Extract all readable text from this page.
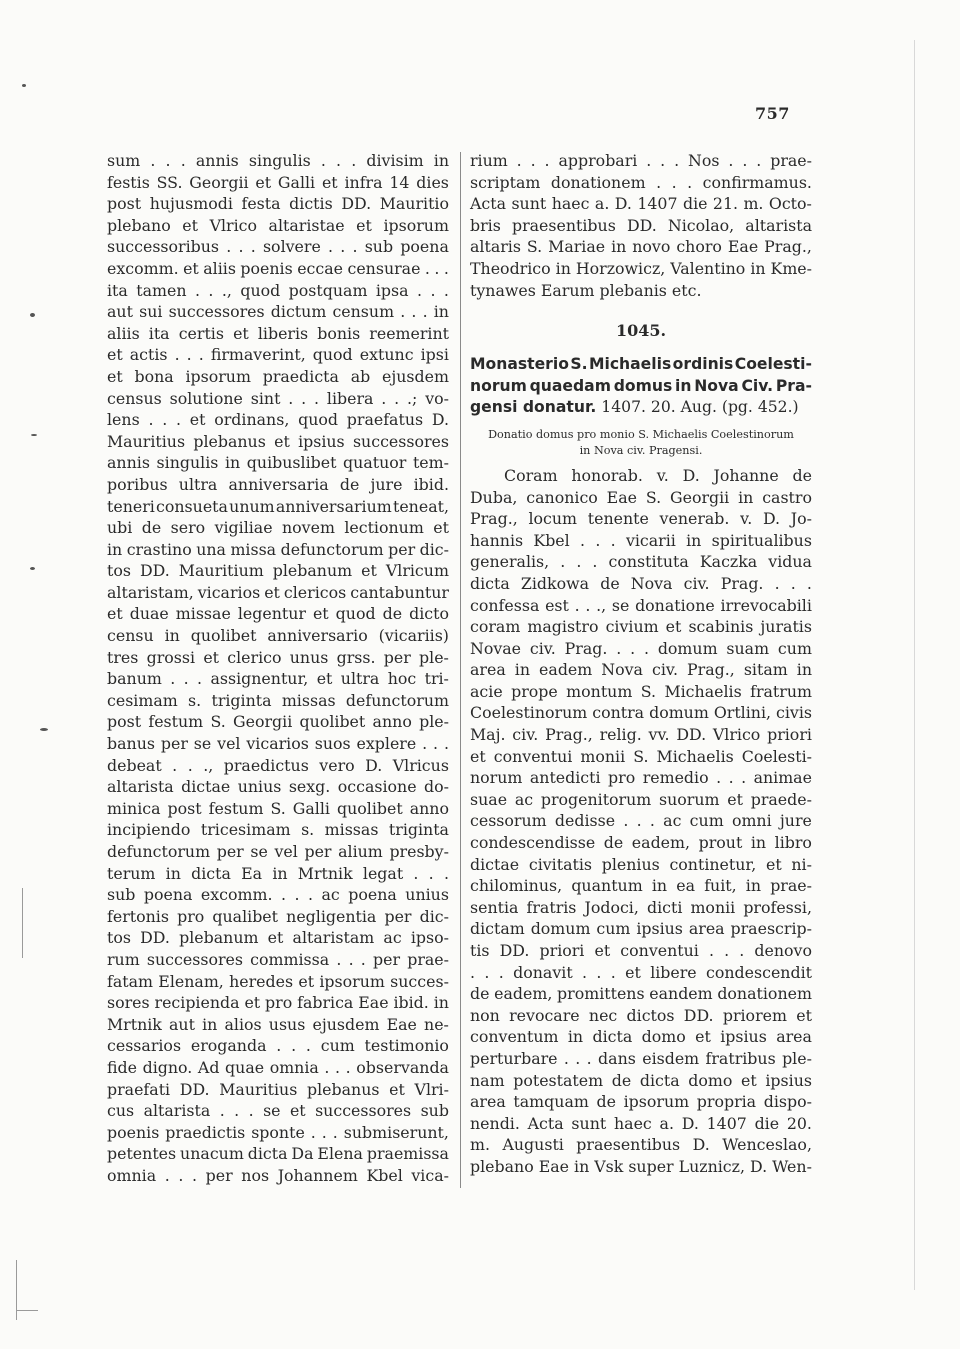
757
sum . . . annis singulis . . . divisim in
festis SS. Georgii et Galli et infra 14 dies
post hujusmodi festa dictis DD. Mauritio
plebano et Vlrico altaristae et ipsorum
successoribus . . . solvere . . . sub poena
excomm. et aliis poenis eccae censurae . . .
ita tamen . . ., quod postquam ipsa . . .
aut sui successores dictum censum . . . in
aliis ita certis et liberis bonis reemerint
et actis . . . firmaverint, quod extunc ipsi
et bona ipsorum praedicta ab ejusdem
census solutione sint . . . libera . . .; vo-
lens . . . et ordinans, quod praefatus D.
Mauritius plebanus et ipsius successores
annis singulis in quibuslibet quatuor tem-
poribus ultra anniversaria de jure ibid.
teneri consueta unum anniversarium teneat,
ubi de sero vigiliae novem lectionum et
in crastino una missa defunctorum per dic-
tos DD. Mauritium plebanum et Vlricum
altaristam, vicarios et clericos cantabuntur
et duae missae legentur et quod de dicto
censu in quolibet anniversario (vicariis)
tres grossi et clerico unus grss. per ple-
banum . . . assignentur, et ultra hoc tri-
cesimam s. triginta missas defunctorum
post festum S. Georgii quolibet anno ple-
banus per se vel vicarios suos explere . . .
debeat . . ., praedictus vero D. Vlricus
altarista dictae unius sexg. occasione do-
minica post festum S. Galli quolibet anno
incipiendo tricesimam s. missas triginta
defunctorum per se vel per alium presby-
terum in dicta Ea in Mrtnik legat . . .
sub poena excomm. . . . ac poena unius
fertonis pro qualibet negligentia per dic-
tos DD. plebanum et altaristam ac ipso-
rum successores commissa . . . per prae-
fatam Elenam, heredes et ipsorum succes-
sores recipienda et pro fabrica Eae ibid. in
Mrtnik aut in alios usus ejusdem Eae ne-
cessarios eroganda . . . cum testimonio
fide digno. Ad quae omnia . . . observanda
praefati DD. Mauritius plebanus et Vlri-
cus altarista . . . se et successores sub
poenis praedictis sponte . . . submiserunt,
petentes unacum dicta Da Elena praemissa
omnia . . . per nos Johannem Kbel vica-
rium . . . approbari . . . Nos . . . prae-
scriptam donationem . . . confirmamus.
Acta sunt haec a. D. 1407 die 21. m. Octo-
bris praesentibus DD. Nicolao, altarista
altaris S. Mariae in novo choro Eae Prag.,
Theodrico in Horzowicz, Valentino in Kme-
tynawes Earum plebanis etc.
1045.
Monasterio S. Michaelis ordinis Coelesti-
norum quaedam domus in Nova Civ. Pra-
gensi donatur. 1407. 20. Aug. (pg. 452.)
Donatio domus pro monio S. Michaelis Coelestinorum
in Nova civ. Pragensi.
Coram honorab. v. D. Johanne de
Duba, canonico Eae S. Georgii in castro
Prag., locum tenente venerab. v. D. Jo-
hannis Kbel . . . vicarii in spiritualibus
generalis, . . . constituta Kaczka vidua
dicta Zidkowa de Nova civ. Prag. . . .
confessa est . . ., se donatione irrevocabili
coram magistro civium et scabinis juratis
Novae civ. Prag. . . . domum suam cum
area in eadem Nova civ. Prag., sitam in
acie prope montum S. Michaelis fratrum
Coelestinorum contra domum Ortlini, civis
Maj. civ. Prag., relig. vv. DD. Vlrico priori
et conventui monii S. Michaelis Coelesti-
norum antedicti pro remedio . . . animae
suae ac progenitorum suorum et praede-
cessorum dedisse . . . ac cum omni jure
condescendisse de eadem, prout in libro
dictae civitatis plenius continetur, et ni-
chilominus, quantum in ea fuit, in prae-
sentia fratris Jodoci, dicti monii professi,
dictam domum cum ipsius area praescrip-
tis DD. priori et conventui . . . denovo
. . . donavit . . . et libere condescendit
de eadem, promittens eandem donationem
non revocare nec dictos DD. priorem et
conventum in dicta domo et ipsius area
perturbare . . . dans eisdem fratribus ple-
nam potestatem de dicta domo et ipsius
area tamquam de ipsorum propria dispo-
nendi. Acta sunt haec a. D. 1407 die 20.
m. Augusti praesentibus D. Wenceslao,
plebano Eae in Vsk super Luznicz, D. Wen-
